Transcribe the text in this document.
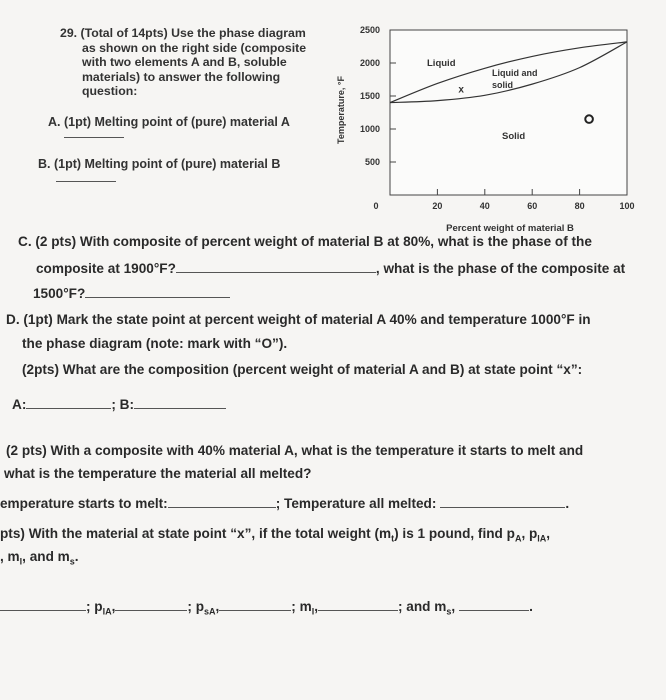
29. (Total of 14pts) Use the phase diagram
as shown on the right side (composite
with two elements A and B, soluble
materials) to answer the following
question:
A. (1pt) Melting point of (pure) material A
B. (1pt) Melting point of (pure) material B
2500
2000
1500
1000
500
0	20	40	60	80	100
Liquid
Liquid and
solid
Solid
x
Temperature, °F
Percent weight of material B
C. (2 pts) With composite of percent weight of material B at 80%, what is the phase of the
composite at 1900°F?	, what is the phase of the composite at
1500°F?
D. (1pt) Mark the state point at percent weight of material A 40% and temperature 1000°F in
the phase diagram (note: mark with “O”).
(2pts) What are the composition (percent weight of material A and B) at state point “x”:
A:	; B:
(2 pts) With a composite with 40% material A, what is the temperature it starts to melt and
what is the temperature the material all melted?
emperature starts to melt:	; Temperature all melted:	.
pts) With the material at state point “x”, if the total weight $(m_t)$ is 1 pound, find $p_A$, $p_{lA}$,
, $m_l$, and $m_s$.
; $p_{lA}$,	; $p_{sA}$,	; $m_l$,	; and $m_s$,	.
